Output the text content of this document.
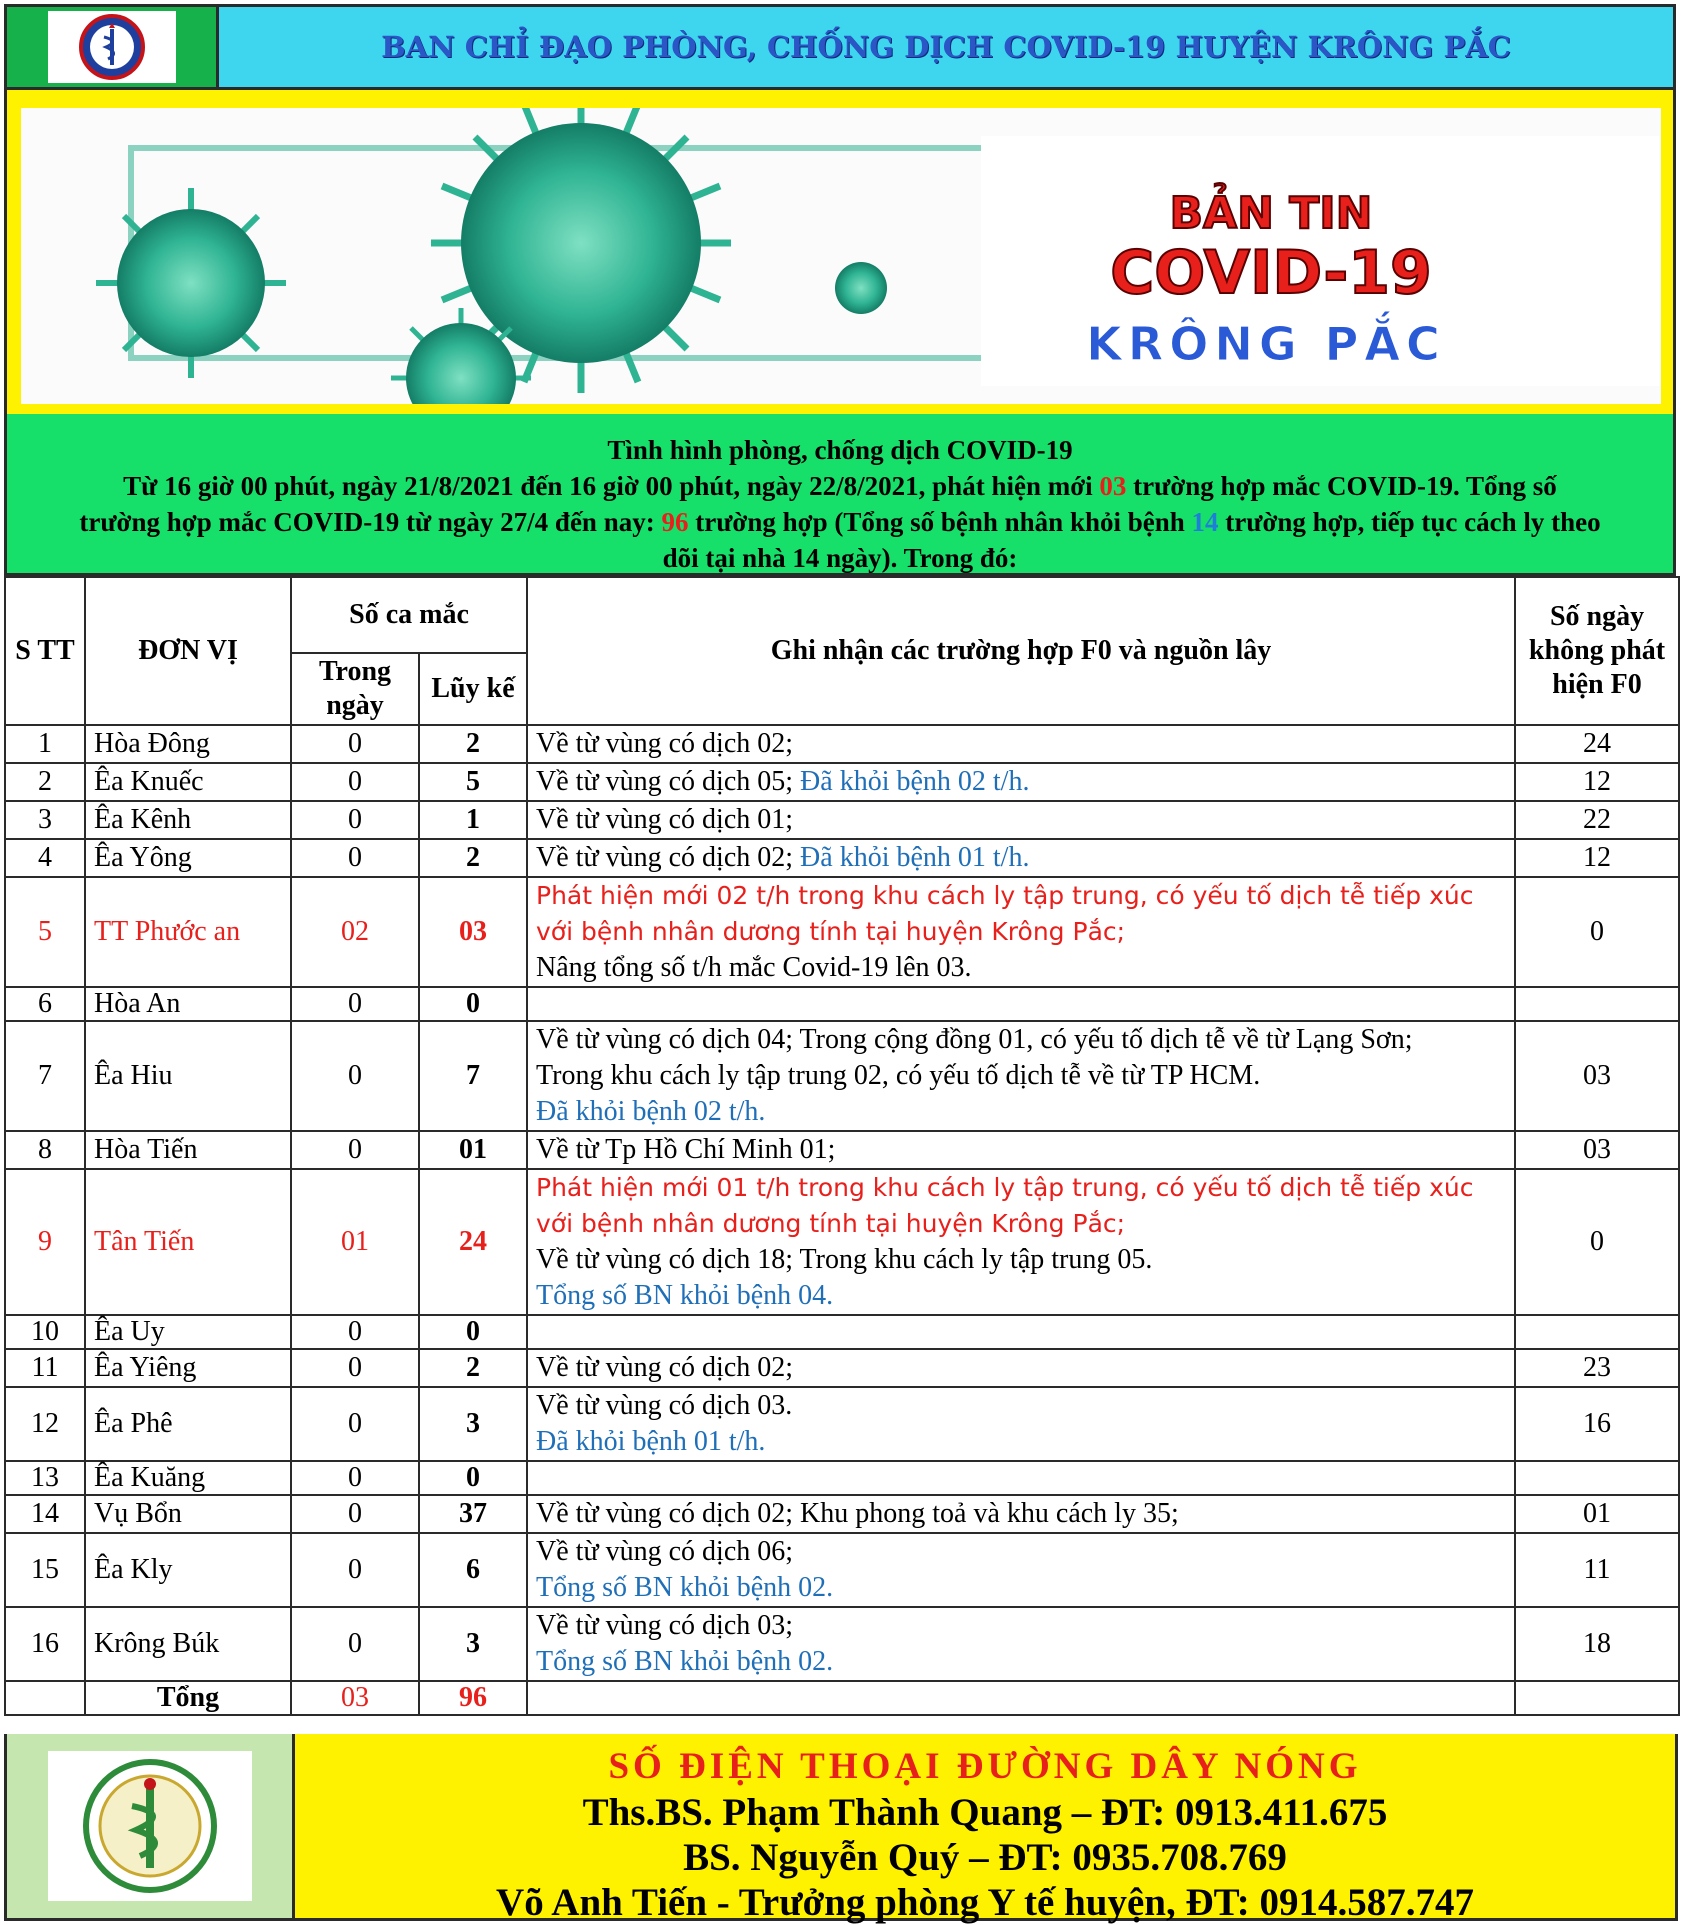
BAN CHỈ ĐẠO PHÒNG, CHỐNG DỊCH COVID-19 HUYỆN KRÔNG PẮC
BẢN TIN
COVID-19
KRÔNG PẮC
Tình hình phòng, chống dịch COVID-19
Từ 16 giờ 00 phút, ngày 21/8/2021 đến 16 giờ 00 phút, ngày 22/8/2021, phát hiện mới 03 trường hợp mắc COVID-19. Tổng số
trường hợp mắc COVID-19 từ ngày 27/4 đến nay: 96 trường hợp (Tổng số bệnh nhân khỏi bệnh 14 trường hợp, tiếp tục cách ly theo
dõi tại nhà 14 ngày). Trong đó:
S TT	ĐƠN VỊ	Số ca mắc		Ghi nhận các trường hợp F0 và nguồn lây	Số ngày không phát hiện F0
		Trong ngày	Lũy kế		
1	Hòa Đông	0	2	Về từ vùng có dịch 02;	24
2	Êa Knuếc	0	5	Về từ vùng có dịch 05; Đã khỏi bệnh 02 t/h.	12
3	Êa Kênh	0	1	Về từ vùng có dịch 01;	22
4	Êa Yông	0	2	Về từ vùng có dịch 02; Đã khỏi bệnh 01 t/h.	12
5	TT Phước an	02	03	Phát hiện mới 02 t/h trong khu cách ly tập trung, có yếu tố dịch tễ tiếp xúc
với bệnh nhân dương tính tại huyện Krông Pắc;
Nâng tổng số t/h mắc Covid-19 lên 03.	0
6	Hòa An	0	0		
7	Êa Hiu	0	7	Về từ vùng có dịch 04; Trong cộng đồng 01, có yếu tố dịch tễ về từ Lạng Sơn;
Trong khu cách ly tập trung 02, có yếu tố dịch tễ về từ TP HCM.
Đã khỏi bệnh 02 t/h.	03
8	Hòa Tiến	0	01	Về từ Tp Hồ Chí Minh 01;	03
9	Tân Tiến	01	24	Phát hiện mới 01 t/h trong khu cách ly tập trung, có yếu tố dịch tễ tiếp xúc
với bệnh nhân dương tính tại huyện Krông Pắc;
Về từ vùng có dịch 18; Trong khu cách ly tập trung 05.
Tổng số BN khỏi bệnh 04.	0
10	Êa Uy	0	0		
11	Êa Yiêng	0	2	Về từ vùng có dịch 02;	23
12	Êa Phê	0	3	Về từ vùng có dịch 03.
Đã khỏi bệnh 01 t/h.	16
13	Êa Kuăng	0	0		
14	Vụ Bổn	0	37	Về từ vùng có dịch 02; Khu phong toả và khu cách ly 35;	01
15	Êa Kly	0	6	Về từ vùng có dịch 06;
Tổng số BN khỏi bệnh 02.	11
16	Krông Búk	0	3	Về từ vùng có dịch 03;
Tổng số BN khỏi bệnh 02.	18
	Tổng	03	96		
SỐ ĐIỆN THOẠI ĐƯỜNG DÂY NÓNG
Ths.BS. Phạm Thành Quang – ĐT: 0913.411.675
BS. Nguyễn Quý – ĐT: 0935.708.769
Võ Anh Tiến - Trưởng phòng Y tế huyện, ĐT: 0914.587.747
